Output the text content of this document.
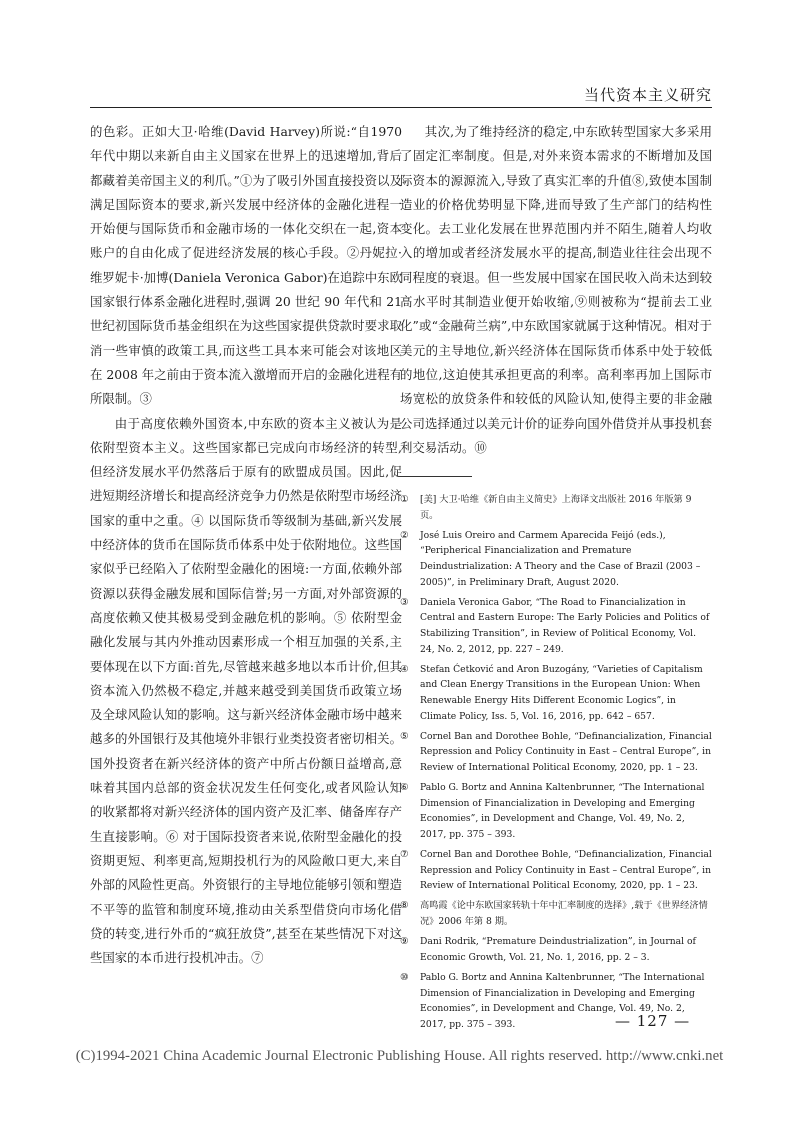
当代资本主义研究

的色彩。正如大卫·哈维(David Harvey)所说:“自1970 年代中期以来新自由主义国家在世界上的迅速增加,背后都藏着美帝国主义的利爪。”①为了吸引外国直接投资以及满足国际资本的要求,新兴发展中经济体的金融化进程一开始便与国际货币和金融市场的一体化交织在一起,资本账户的自由化成了促进经济发展的核心手段。②丹妮拉·维罗妮卡·加博(Daniela Veronica Gabor)在追踪中东欧国家银行体系金融化进程时,强调 20 世纪 90 年代和 21 世纪初国际货币基金组织在为这些国家提供贷款时要求取消一些审慎的政策工具,而这些工具本来可能会对该地区在 2008 年之前由于资本流入激增而开启的金融化进程有所限制。③

由于高度依赖外国资本,中东欧的资本主义被认为是依附型资本主义。这些国家都已完成向市场经济的转型,但经济发展水平仍然落后于原有的欧盟成员国。因此,促进短期经济增长和提高经济竞争力仍然是依附型市场经济国家的重中之重。④ 以国际货币等级制为基础,新兴发展中经济体的货币在国际货币体系中处于依附地位。这些国家似乎已经陷入了依附型金融化的困境:一方面,依赖外部资源以获得金融发展和国际信誉;另一方面,对外部资源的高度依赖又使其极易受到金融危机的影响。⑤ 依附型金融化发展与其内外推动因素形成一个相互加强的关系,主要体现在以下方面:首先,尽管越来越多地以本币计价,但其资本流入仍然极不稳定,并越来越受到美国货币政策立场及全球风险认知的影响。这与新兴经济体金融市场中越来越多的外国银行及其他境外非银行业类投资者密切相关。国外投资者在新兴经济体的资产中所占份额日益增高,意味着其国内总部的资金状况发生任何变化,或者风险认知的收紧都将对新兴经济体的国内资产及汇率、储备库存产生直接影响。⑥ 对于国际投资者来说,依附型金融化的投资期更短、利率更高,短期投机行为的风险敞口更大,来自外部的风险性更高。外资银行的主导地位能够引领和塑造不平等的监管和制度环境,推动由关系型借贷向市场化借贷的转变,进行外币的“疯狂放贷”,甚至在某些情况下对这些国家的本币进行投机冲击。⑦

其次,为了维持经济的稳定,中东欧转型国家大多采用了固定汇率制度。但是,对外来资本需求的不断增加及国际资本的源源流入,导致了真实汇率的升值⑧,致使本国制造业的价格优势明显下降,进而导致了生产部门的结构性变化。去工业化发展在世界范围内并不陌生,随着人均收入的增加或者经济发展水平的提高,制造业往往会出现不同程度的衰退。但一些发展中国家在国民收入尚未达到较高水平时其制造业便开始收缩,⑨则被称为“提前去工业化”或“金融荷兰病”,中东欧国家就属于这种情况。相对于美元的主导地位,新兴经济体在国际货币体系中处于较低的地位,这迫使其承担更高的利率。高利率再加上国际市场宽松的放贷条件和较低的风险认知,使得主要的非金融公司选择通过以美元计价的证券向国外借贷并从事投机套利交易活动。⑩

①	[美] 大卫·哈维《新自由主义简史》上海译文出版社 2016 年版第 9 页。
②	José Luis Oreiro and Carmem Aparecida Feijó (eds.), “Peripherical Financialization and Premature Deindustrialization: A Theory and the Case of Brazil (2003 – 2005)”, in Preliminary Draft, August 2020.
③	Daniela Veronica Gabor, “The Road to Financialization in Central and Eastern Europe: The Early Policies and Politics of Stabilizing Transition”, in Review of Political Economy, Vol. 24, No. 2, 2012, pp. 227 – 249.
④	Stefan Ćetković and Aron Buzogány, “Varieties of Capitalism and Clean Energy Transitions in the European Union: When Renewable Energy Hits Different Economic Logics”, in Climate Policy, Iss. 5, Vol. 16, 2016, pp. 642 – 657.
⑤	Cornel Ban and Dorothee Bohle, “Definancialization, Financial Repression and Policy Continuity in East – Central Europe”, in Review of International Political Economy, 2020, pp. 1 – 23.
⑥	Pablo G. Bortz and Annina Kaltenbrunner, “The International Dimension of Financialization in Developing and Emerging Economies”, in Development and Change, Vol. 49, No. 2, 2017, pp. 375 – 393.
⑦	Cornel Ban and Dorothee Bohle, “Definancialization, Financial Repression and Policy Continuity in East – Central Europe”, in Review of International Political Economy, 2020, pp. 1 – 23.
⑧	高鸣霞《论中东欧国家转轨十年中汇率制度的选择》,载于《世界经济情况》2006 年第 8 期。
⑨	Dani Rodrik, “Premature Deindustrialization”, in Journal of Economic Growth, Vol. 21, No. 1, 2016, pp. 2 – 3.
⑩	Pablo G. Bortz and Annina Kaltenbrunner, “The International Dimension of Financialization in Developing and Emerging Economies”, in Development and Change, Vol. 49, No. 2, 2017, pp. 375 – 393.	— 127 —
(C)1994-2021 China Academic Journal Electronic Publishing House. All rights reserved. http://www.cnki.net
